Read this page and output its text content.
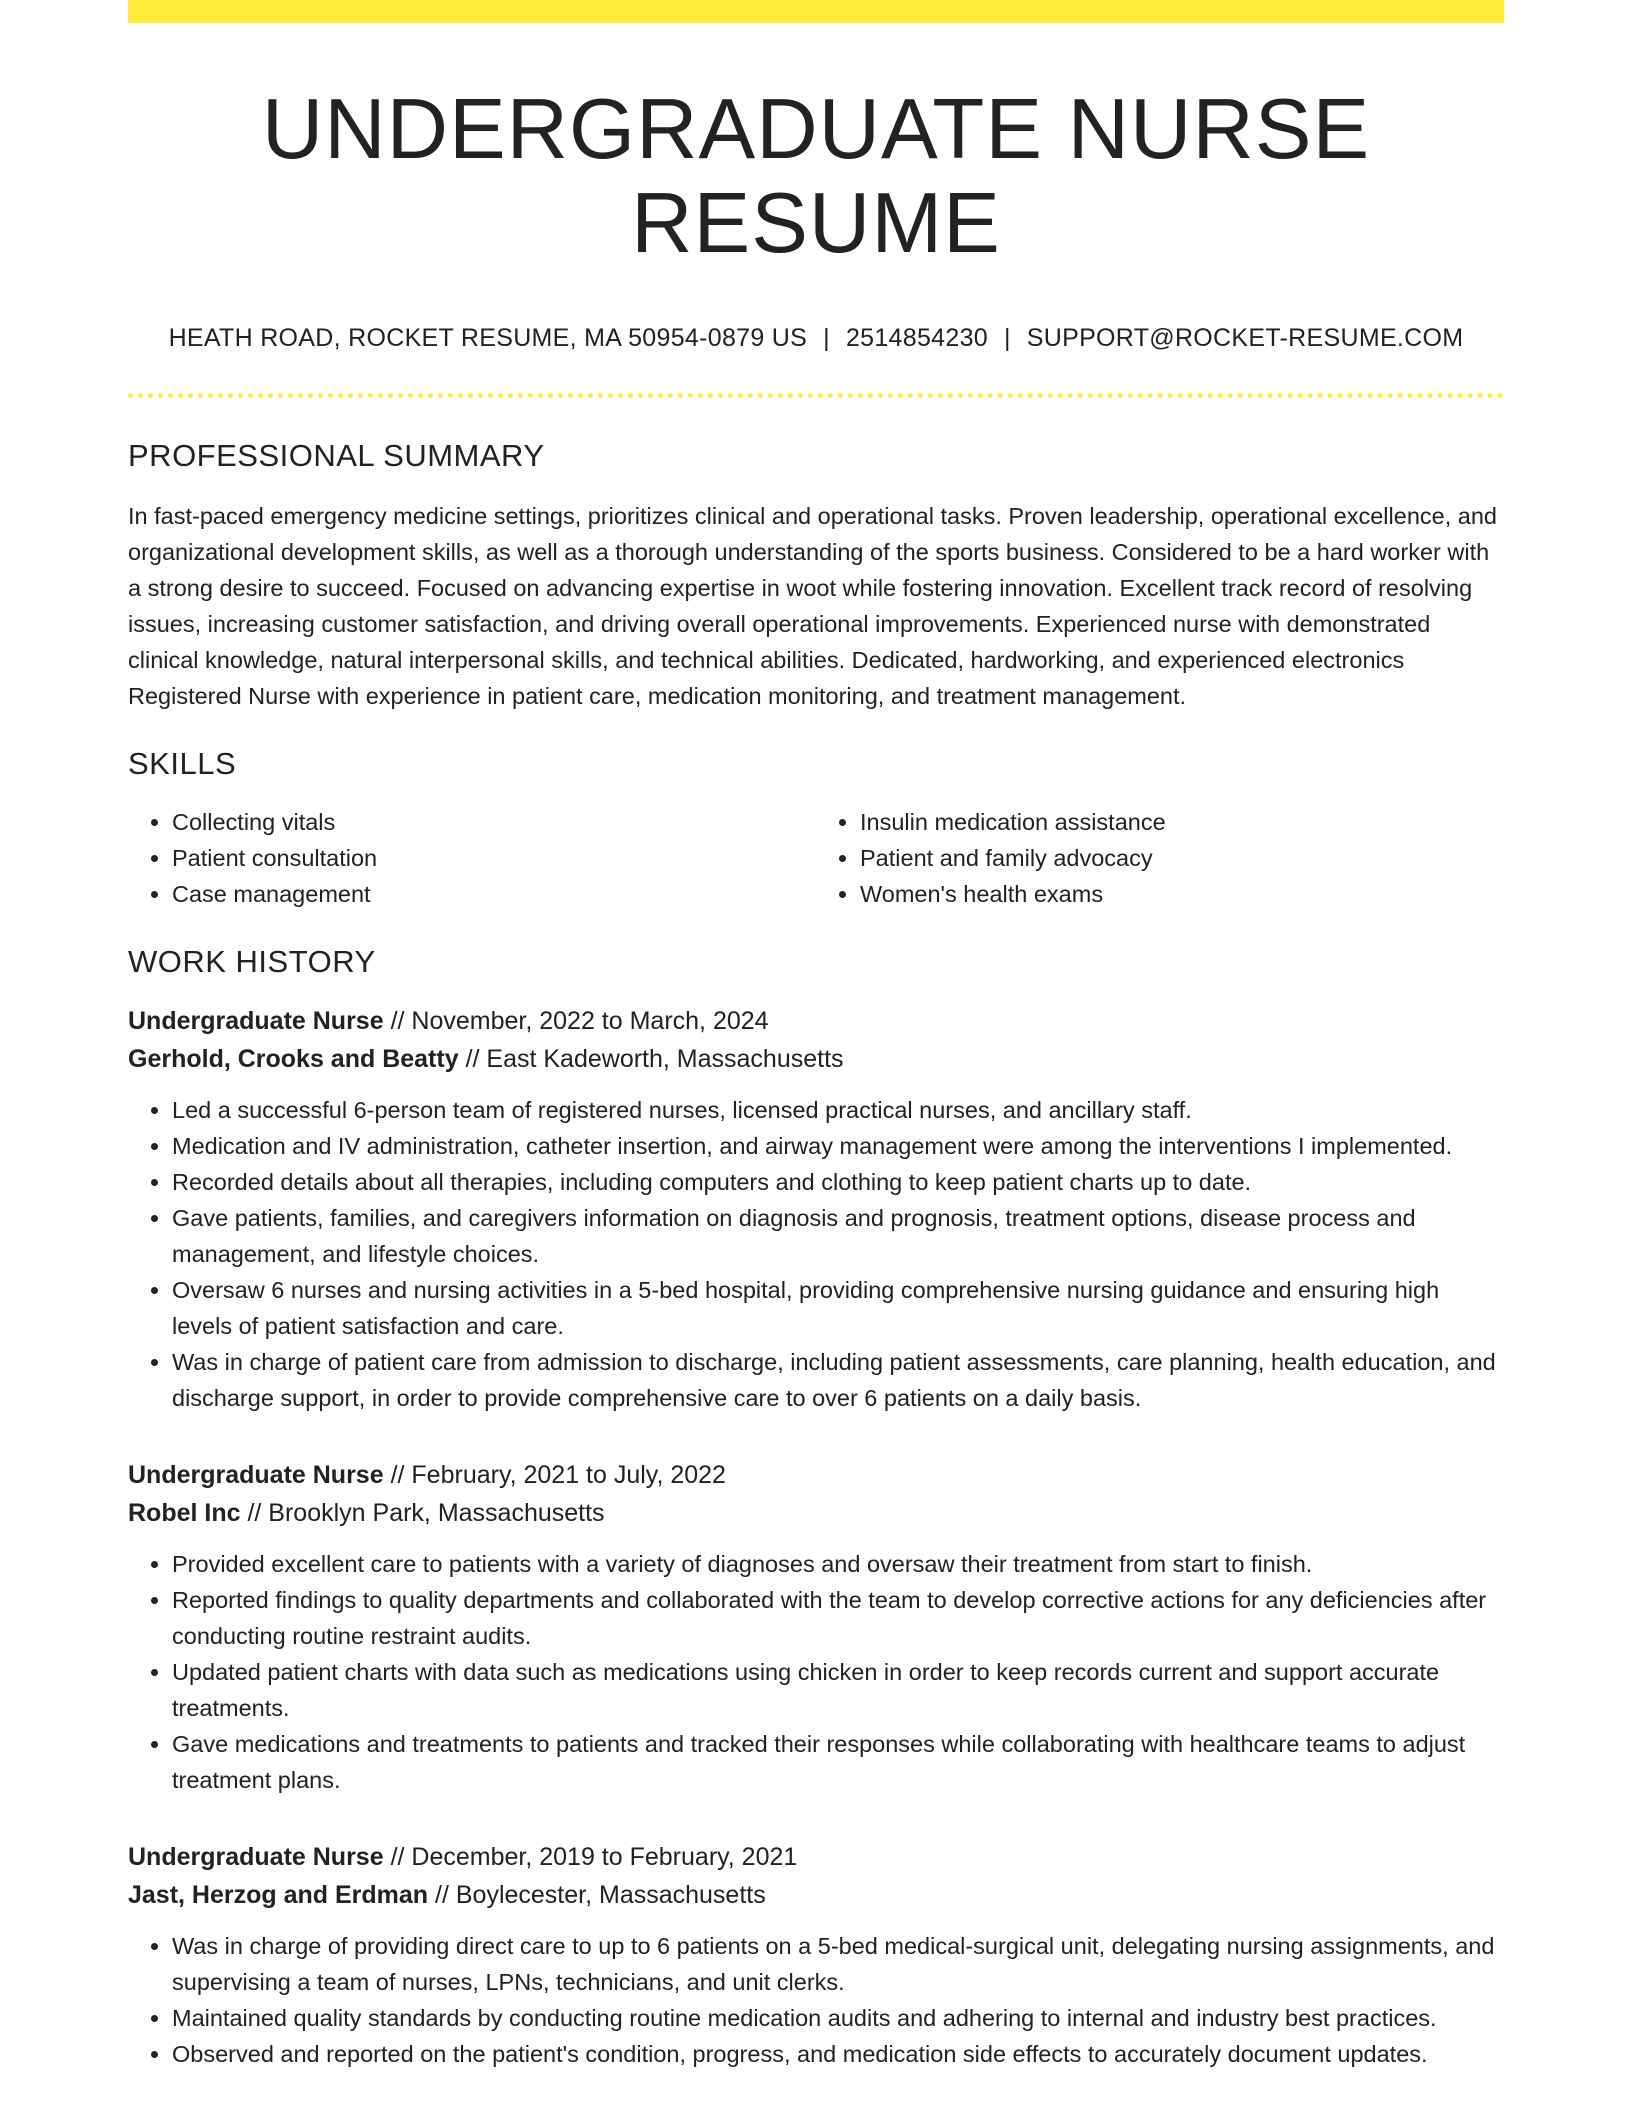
UNDERGRADUATE NURSE RESUME
HEATH ROAD, ROCKET RESUME, MA 50954-0879 US | 2514854230 | SUPPORT@ROCKET-RESUME.COM
PROFESSIONAL SUMMARY

In fast-paced emergency medicine settings, prioritizes clinical and operational tasks. Proven leadership, operational excellence, and organizational development skills, as well as a thorough understanding of the sports business. Considered to be a hard worker with a strong desire to succeed. Focused on advancing expertise in woot while fostering innovation. Excellent track record of resolving issues, increasing customer satisfaction, and driving overall operational improvements. Experienced nurse with demonstrated clinical knowledge, natural interpersonal skills, and technical abilities. Dedicated, hardworking, and experienced electronics Registered Nurse with experience in patient care, medication monitoring, and treatment management.

SKILLS
• Collecting vitals
• Patient consultation
• Case management
• Insulin medication assistance
• Patient and family advocacy
• Women's health exams
WORK HISTORY
Undergraduate Nurse // November, 2022 to March, 2024
Gerhold, Crooks and Beatty // East Kadeworth, Massachusetts
• Led a successful 6-person team of registered nurses, licensed practical nurses, and ancillary staff.
• Medication and IV administration, catheter insertion, and airway management were among the interventions I implemented.
• Recorded details about all therapies, including computers and clothing to keep patient charts up to date.
• Gave patients, families, and caregivers information on diagnosis and prognosis, treatment options, disease process and management, and lifestyle choices.
• Oversaw 6 nurses and nursing activities in a 5-bed hospital, providing comprehensive nursing guidance and ensuring high levels of patient satisfaction and care.
• Was in charge of patient care from admission to discharge, including patient assessments, care planning, health education, and discharge support, in order to provide comprehensive care to over 6 patients on a daily basis.
Undergraduate Nurse // February, 2021 to July, 2022
Robel Inc // Brooklyn Park, Massachusetts
• Provided excellent care to patients with a variety of diagnoses and oversaw their treatment from start to finish.
• Reported findings to quality departments and collaborated with the team to develop corrective actions for any deficiencies after conducting routine restraint audits.
• Updated patient charts with data such as medications using chicken in order to keep records current and support accurate treatments.
• Gave medications and treatments to patients and tracked their responses while collaborating with healthcare teams to adjust treatment plans.
Undergraduate Nurse // December, 2019 to February, 2021
Jast, Herzog and Erdman // Boylecester, Massachusetts
• Was in charge of providing direct care to up to 6 patients on a 5-bed medical-surgical unit, delegating nursing assignments, and supervising a team of nurses, LPNs, technicians, and unit clerks.
• Maintained quality standards by conducting routine medication audits and adhering to internal and industry best practices.
• Observed and reported on the patient's condition, progress, and medication side effects to accurately document updates.
